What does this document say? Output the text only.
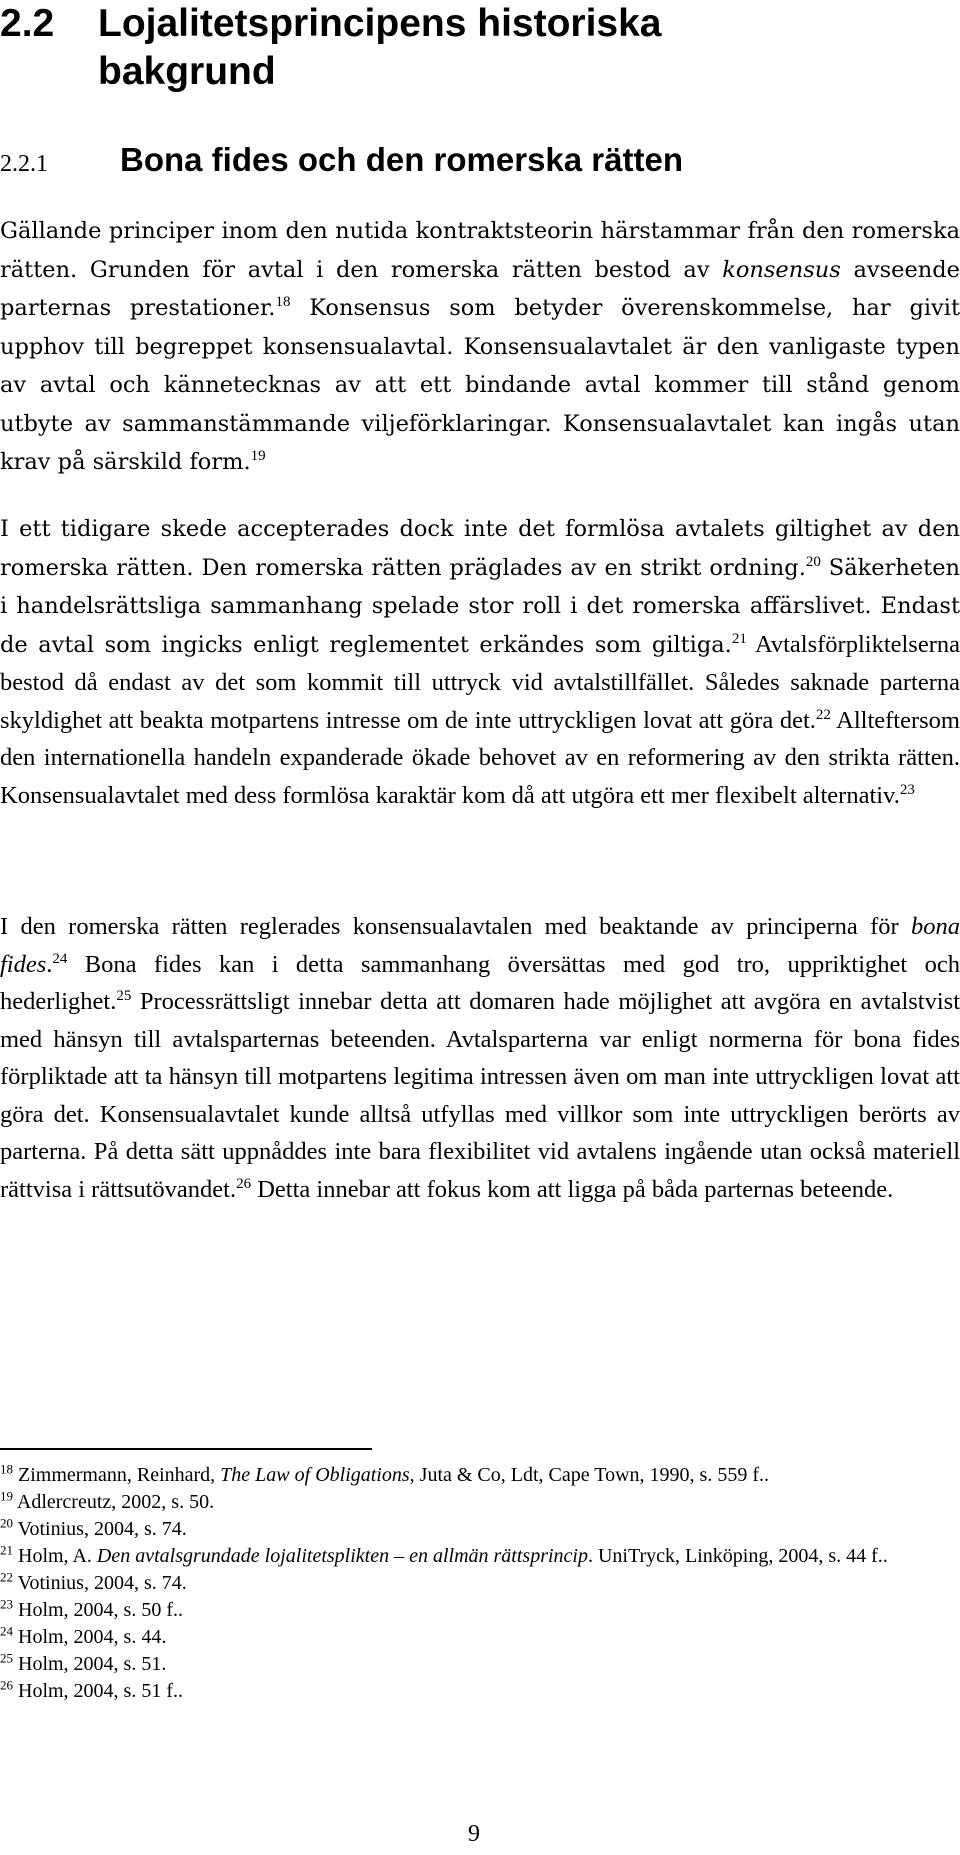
2.2 Lojalitetsprincipens historiska
bakgrund
2.2.1 Bona fides och den romerska rätten

Gällande principer inom den nutida kontraktsteorin härstammar från den romerska rätten. Grunden för avtal i den romerska rätten bestod av konsensus avseende parternas prestationer.$^{18}$ Konsensus som betyder överenskommelse, har givit upphov till begreppet konsensualavtal. Konsensualavtalet är den vanligaste typen av avtal och kännetecknas av att ett bindande avtal kommer till stånd genom utbyte av sammanstämmande viljeförklaringar. Konsensualavtalet kan ingås utan krav på särskild form.$^{19}$

I ett tidigare skede accepterades dock inte det formlösa avtalets giltighet av den romerska rätten. Den romerska rätten präglades av en strikt ordning.$^{20}$ Säkerheten i handelsrättsliga sammanhang spelade stor roll i det romerska affärslivet. Endast de avtal som ingicks enligt reglementet erkändes som giltiga.$^{21}$ Avtalsförpliktelserna bestod då endast av det som kommit till uttryck vid avtalstillfället. Således saknade parterna skyldighet att beakta motpartens intresse om de inte uttryckligen lovat att göra det.$^{22}$ Allteftersom den internationella handeln expanderade ökade behovet av en reformering av den strikta rätten. Konsensualavtalet med dess formlösa karaktär kom då att utgöra ett mer flexibelt alternativ.$^{23}$

I den romerska rätten reglerades konsensualavtalen med beaktande av principerna för bona fides.$^{24}$ Bona fides kan i detta sammanhang översättas med god tro, uppriktighet och hederlighet.$^{25}$ Processrättsligt innebar detta att domaren hade möjlighet att avgöra en avtalstvist med hänsyn till avtalsparternas beteenden. Avtalsparterna var enligt normerna för bona fides förpliktade att ta hänsyn till motpartens legitima intressen även om man inte uttryckligen lovat att göra det. Konsensualavtalet kunde alltså utfyllas med villkor som inte uttryckligen berörts av parterna. På detta sätt uppnåddes inte bara flexibilitet vid avtalens ingående utan också materiell rättvisa i rättsutövandet.$^{26}$ Detta innebar att fokus kom att ligga på båda parternas beteende.

$^{18}$ Zimmermann, Reinhard, The Law of Obligations, Juta & Co, Ldt, Cape Town, 1990, s. 559 f..

$^{19}$ Adlercreutz, 2002, s. 50.

$^{20}$ Votinius, 2004, s. 74.

$^{21}$ Holm, A. Den avtalsgrundade lojalitetsplikten – en allmän rättsprincip. UniTryck, Linköping, 2004, s. 44 f..

$^{22}$ Votinius, 2004, s. 74.

$^{23}$ Holm, 2004, s. 50 f..

$^{24}$ Holm, 2004, s. 44.

$^{25}$ Holm, 2004, s. 51.

$^{26}$ Holm, 2004, s. 51 f..

9
